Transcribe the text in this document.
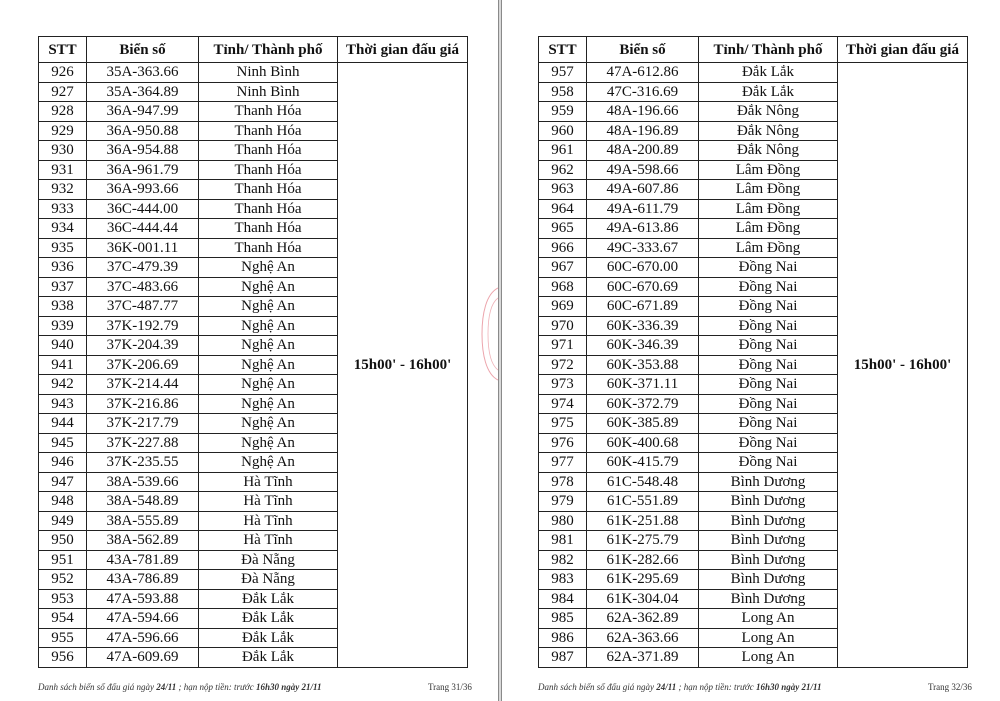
STT	Biển số	Tỉnh/ Thành phố	Thời gian đấu giá
926	35A-363.66	Ninh Bình	15h00' - 16h00'
927	35A-364.89	Ninh Bình	
928	36A-947.99	Thanh Hóa	
929	36A-950.88	Thanh Hóa	
930	36A-954.88	Thanh Hóa	
931	36A-961.79	Thanh Hóa	
932	36A-993.66	Thanh Hóa	
933	36C-444.00	Thanh Hóa	
934	36C-444.44	Thanh Hóa	
935	36K-001.11	Thanh Hóa	
936	37C-479.39	Nghệ An	
937	37C-483.66	Nghệ An	
938	37C-487.77	Nghệ An	
939	37K-192.79	Nghệ An	
940	37K-204.39	Nghệ An	
941	37K-206.69	Nghệ An	
942	37K-214.44	Nghệ An	
943	37K-216.86	Nghệ An	
944	37K-217.79	Nghệ An	
945	37K-227.88	Nghệ An	
946	37K-235.55	Nghệ An	
947	38A-539.66	Hà Tĩnh	
948	38A-548.89	Hà Tĩnh	
949	38A-555.89	Hà Tĩnh	
950	38A-562.89	Hà Tĩnh	
951	43A-781.89	Đà Nẵng	
952	43A-786.89	Đà Nẵng	
953	47A-593.88	Đắk Lắk	
954	47A-594.66	Đắk Lắk	
955	47A-596.66	Đắk Lắk	
956	47A-609.69	Đắk Lắk	
Danh sách biển số đấu giá ngày 24/11 ; hạn nộp tiền: trước 16h30 ngày 21/11	Trang 31/36
STT	Biển số	Tỉnh/ Thành phố	Thời gian đấu giá
957	47A-612.86	Đắk Lắk	15h00' - 16h00'
958	47C-316.69	Đắk Lắk	
959	48A-196.66	Đắk Nông	
960	48A-196.89	Đắk Nông	
961	48A-200.89	Đắk Nông	
962	49A-598.66	Lâm Đồng	
963	49A-607.86	Lâm Đồng	
964	49A-611.79	Lâm Đồng	
965	49A-613.86	Lâm Đồng	
966	49C-333.67	Lâm Đồng	
967	60C-670.00	Đồng Nai	
968	60C-670.69	Đồng Nai	
969	60C-671.89	Đồng Nai	
970	60K-336.39	Đồng Nai	
971	60K-346.39	Đồng Nai	
972	60K-353.88	Đồng Nai	
973	60K-371.11	Đồng Nai	
974	60K-372.79	Đồng Nai	
975	60K-385.89	Đồng Nai	
976	60K-400.68	Đồng Nai	
977	60K-415.79	Đồng Nai	
978	61C-548.48	Bình Dương	
979	61C-551.89	Bình Dương	
980	61K-251.88	Bình Dương	
981	61K-275.79	Bình Dương	
982	61K-282.66	Bình Dương	
983	61K-295.69	Bình Dương	
984	61K-304.04	Bình Dương	
985	62A-362.89	Long An	
986	62A-363.66	Long An	
987	62A-371.89	Long An	
Danh sách biển số đấu giá ngày 24/11 ; hạn nộp tiền: trước 16h30 ngày 21/11	Trang 32/36
